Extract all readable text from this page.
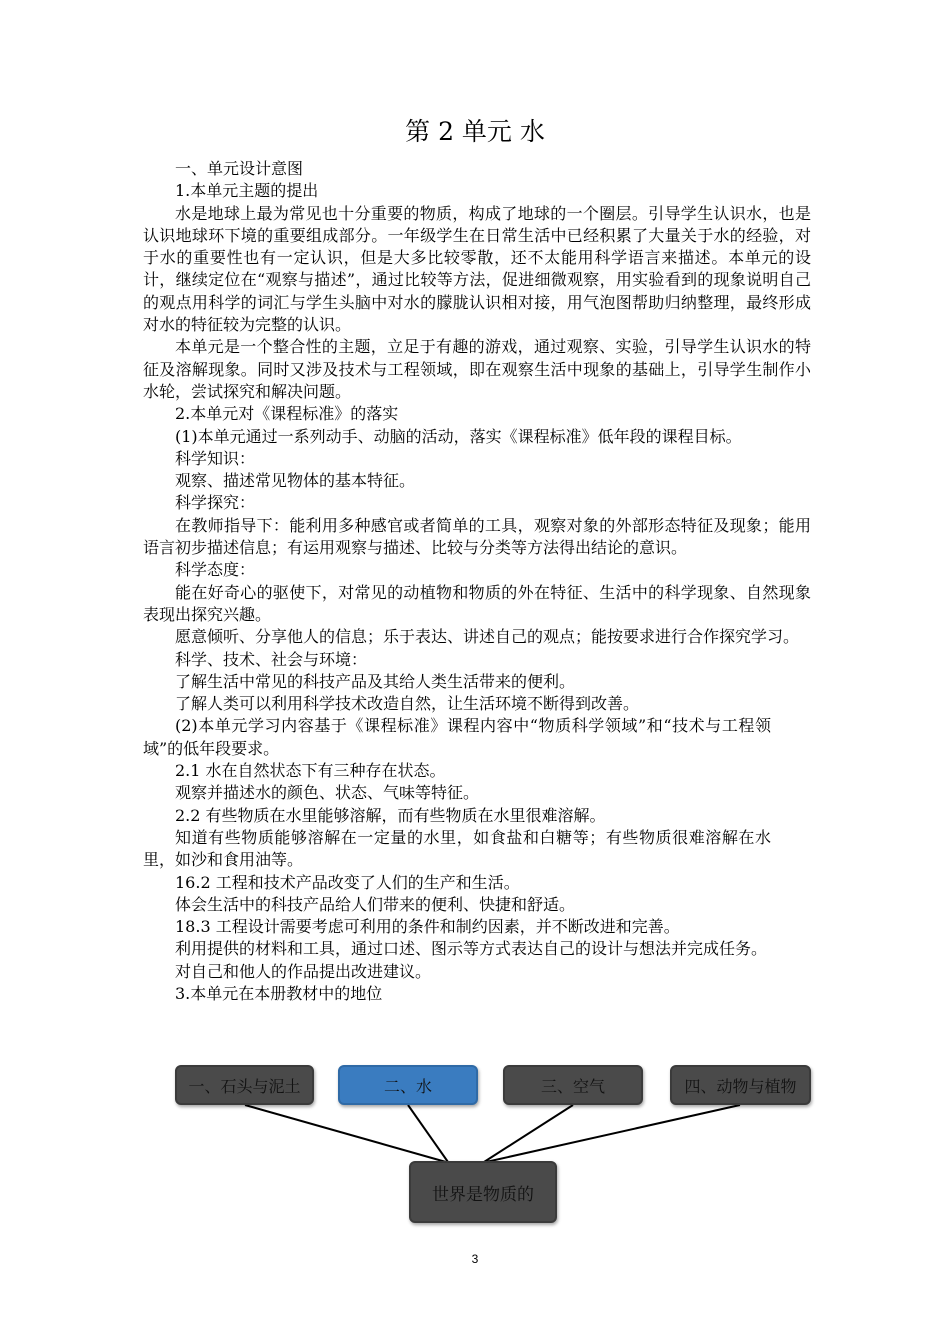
第 2 单元 水

一、单元设计意图

1.本单元主题的提出

水是地球上最为常见也十分重要的物质，构成了地球的一个圈层。引导学生认识水，也是认识地球环下境的重要组成部分。一年级学生在日常生活中已经积累了大量关于水的经验，对于水的重要性也有一定认识，但是大多比较零散，还不太能用科学语言来描述。本单元的设计，继续定位在“观察与描述”，通过比较等方法，促进细微观察，用实验看到的现象说明自己的观点用科学的词汇与学生头脑中对水的朦胧认识相对接，用气泡图帮助归纳整理，最终形成对水的特征较为完整的认识。

本单元是一个整合性的主题，立足于有趣的游戏，通过观察、实验，引导学生认识水的特征及溶解现象。同时又涉及技术与工程领域，即在观察生活中现象的基础上，引导学生制作小水轮，尝试探究和解决问题。

2.本单元对《课程标准》的落实

(1)本单元通过一系列动手、动脑的活动，落实《课程标准》低年段的课程目标。

科学知识：

观察、描述常见物体的基本特征。

科学探究：

在教师指导下：能利用多种感官或者简单的工具，观察对象的外部形态特征及现象；能用语言初步描述信息；有运用观察与描述、比较与分类等方法得出结论的意识。

科学态度：

能在好奇心的驱使下，对常见的动植物和物质的外在特征、生活中的科学现象、自然现象表现出探究兴趣。

愿意倾听、分享他人的信息；乐于表达、讲述自己的观点；能按要求进行合作探究学习。

科学、技术、社会与环境：

了解生活中常见的科技产品及其给人类生活带来的便利。

了解人类可以利用科学技术改造自然，让生活环境不断得到改善。

(2)本单元学习内容基于《课程标准》课程内容中“物质科学领域”和“技术与工程领域”的低年段要求。

2.1 水在自然状态下有三种存在状态。

观察并描述水的颜色、状态、气味等特征。

2.2 有些物质在水里能够溶解，而有些物质在水里很难溶解。

知道有些物质能够溶解在一定量的水里，如食盐和白糖等；有些物质很难溶解在水里，如沙和食用油等。

16.2 工程和技术产品改变了人们的生产和生活。

体会生活中的科技产品给人们带来的便利、快捷和舒适。

18.3 工程设计需要考虑可利用的条件和制约因素，并不断改进和完善。

利用提供的材料和工具，通过口述、图示等方式表达自己的设计与想法并完成任务。

对自己和他人的作品提出改进建议。

3.本单元在本册教材中的地位

一、石头与泥土	二、水	三、空气	四、动物与植物
世界是物质的
3
